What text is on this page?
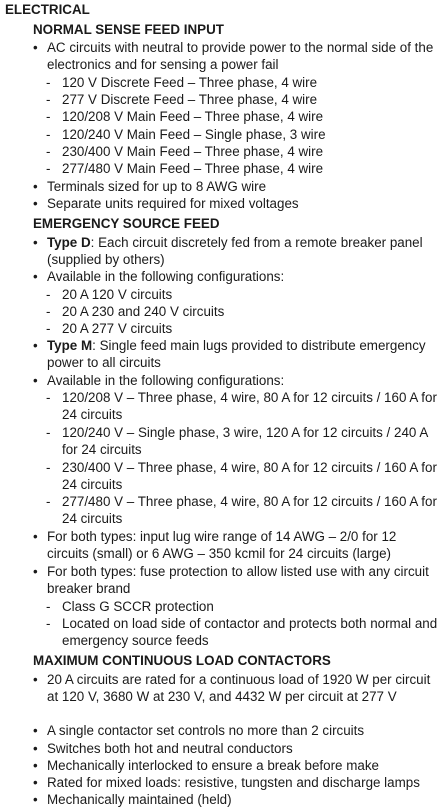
ELECTRICAL
NORMAL SENSE FEED INPUT
• AC circuits with neutral to provide power to the normal side of the electronics and for sensing a power fail
- 120 V Discrete Feed – Three phase, 4 wire
- 277 V Discrete Feed – Three phase, 4 wire
- 120/208 V Main Feed – Three phase, 4 wire
- 120/240 V Main Feed – Single phase, 3 wire
- 230/400 V Main Feed – Three phase, 4 wire
- 277/480 V Main Feed – Three phase, 4 wire
• Terminals sized for up to 8 AWG wire
• Separate units required for mixed voltages
EMERGENCY SOURCE FEED
• Type D: Each circuit discretely fed from a remote breaker panel (supplied by others)
• Available in the following configurations:
- 20 A 120 V circuits
- 20 A 230 and 240 V circuits
- 20 A 277 V circuits
• Type M: Single feed main lugs provided to distribute emergency power to all circuits
• Available in the following configurations:
- 120/208 V – Three phase, 4 wire, 80 A for 12 circuits / 160 A for 24 circuits
- 120/240 V – Single phase, 3 wire, 120 A for 12 circuits / 240 A for 24 circuits
- 230/400 V – Three phase, 4 wire, 80 A for 12 circuits / 160 A for 24 circuits
- 277/480 V – Three phase, 4 wire, 80 A for 12 circuits / 160 A for 24 circuits
• For both types: input lug wire range of 14 AWG – 2/0 for 12 circuits (small) or 6 AWG – 350 kcmil for 24 circuits (large)
• For both types: fuse protection to allow listed use with any circuit breaker brand
- Class G SCCR protection
- Located on load side of contactor and protects both normal and emergency source feeds
MAXIMUM CONTINUOUS LOAD CONTACTORS
• 20 A circuits are rated for a continuous load of 1920 W per circuit at 120 V, 3680 W at 230 V, and 4432 W per circuit at 277 V
• A single contactor set controls no more than 2 circuits
• Switches both hot and neutral conductors
• Mechanically interlocked to ensure a break before make
• Rated for mixed loads: resistive, tungsten and discharge lamps
• Mechanically maintained (held)
